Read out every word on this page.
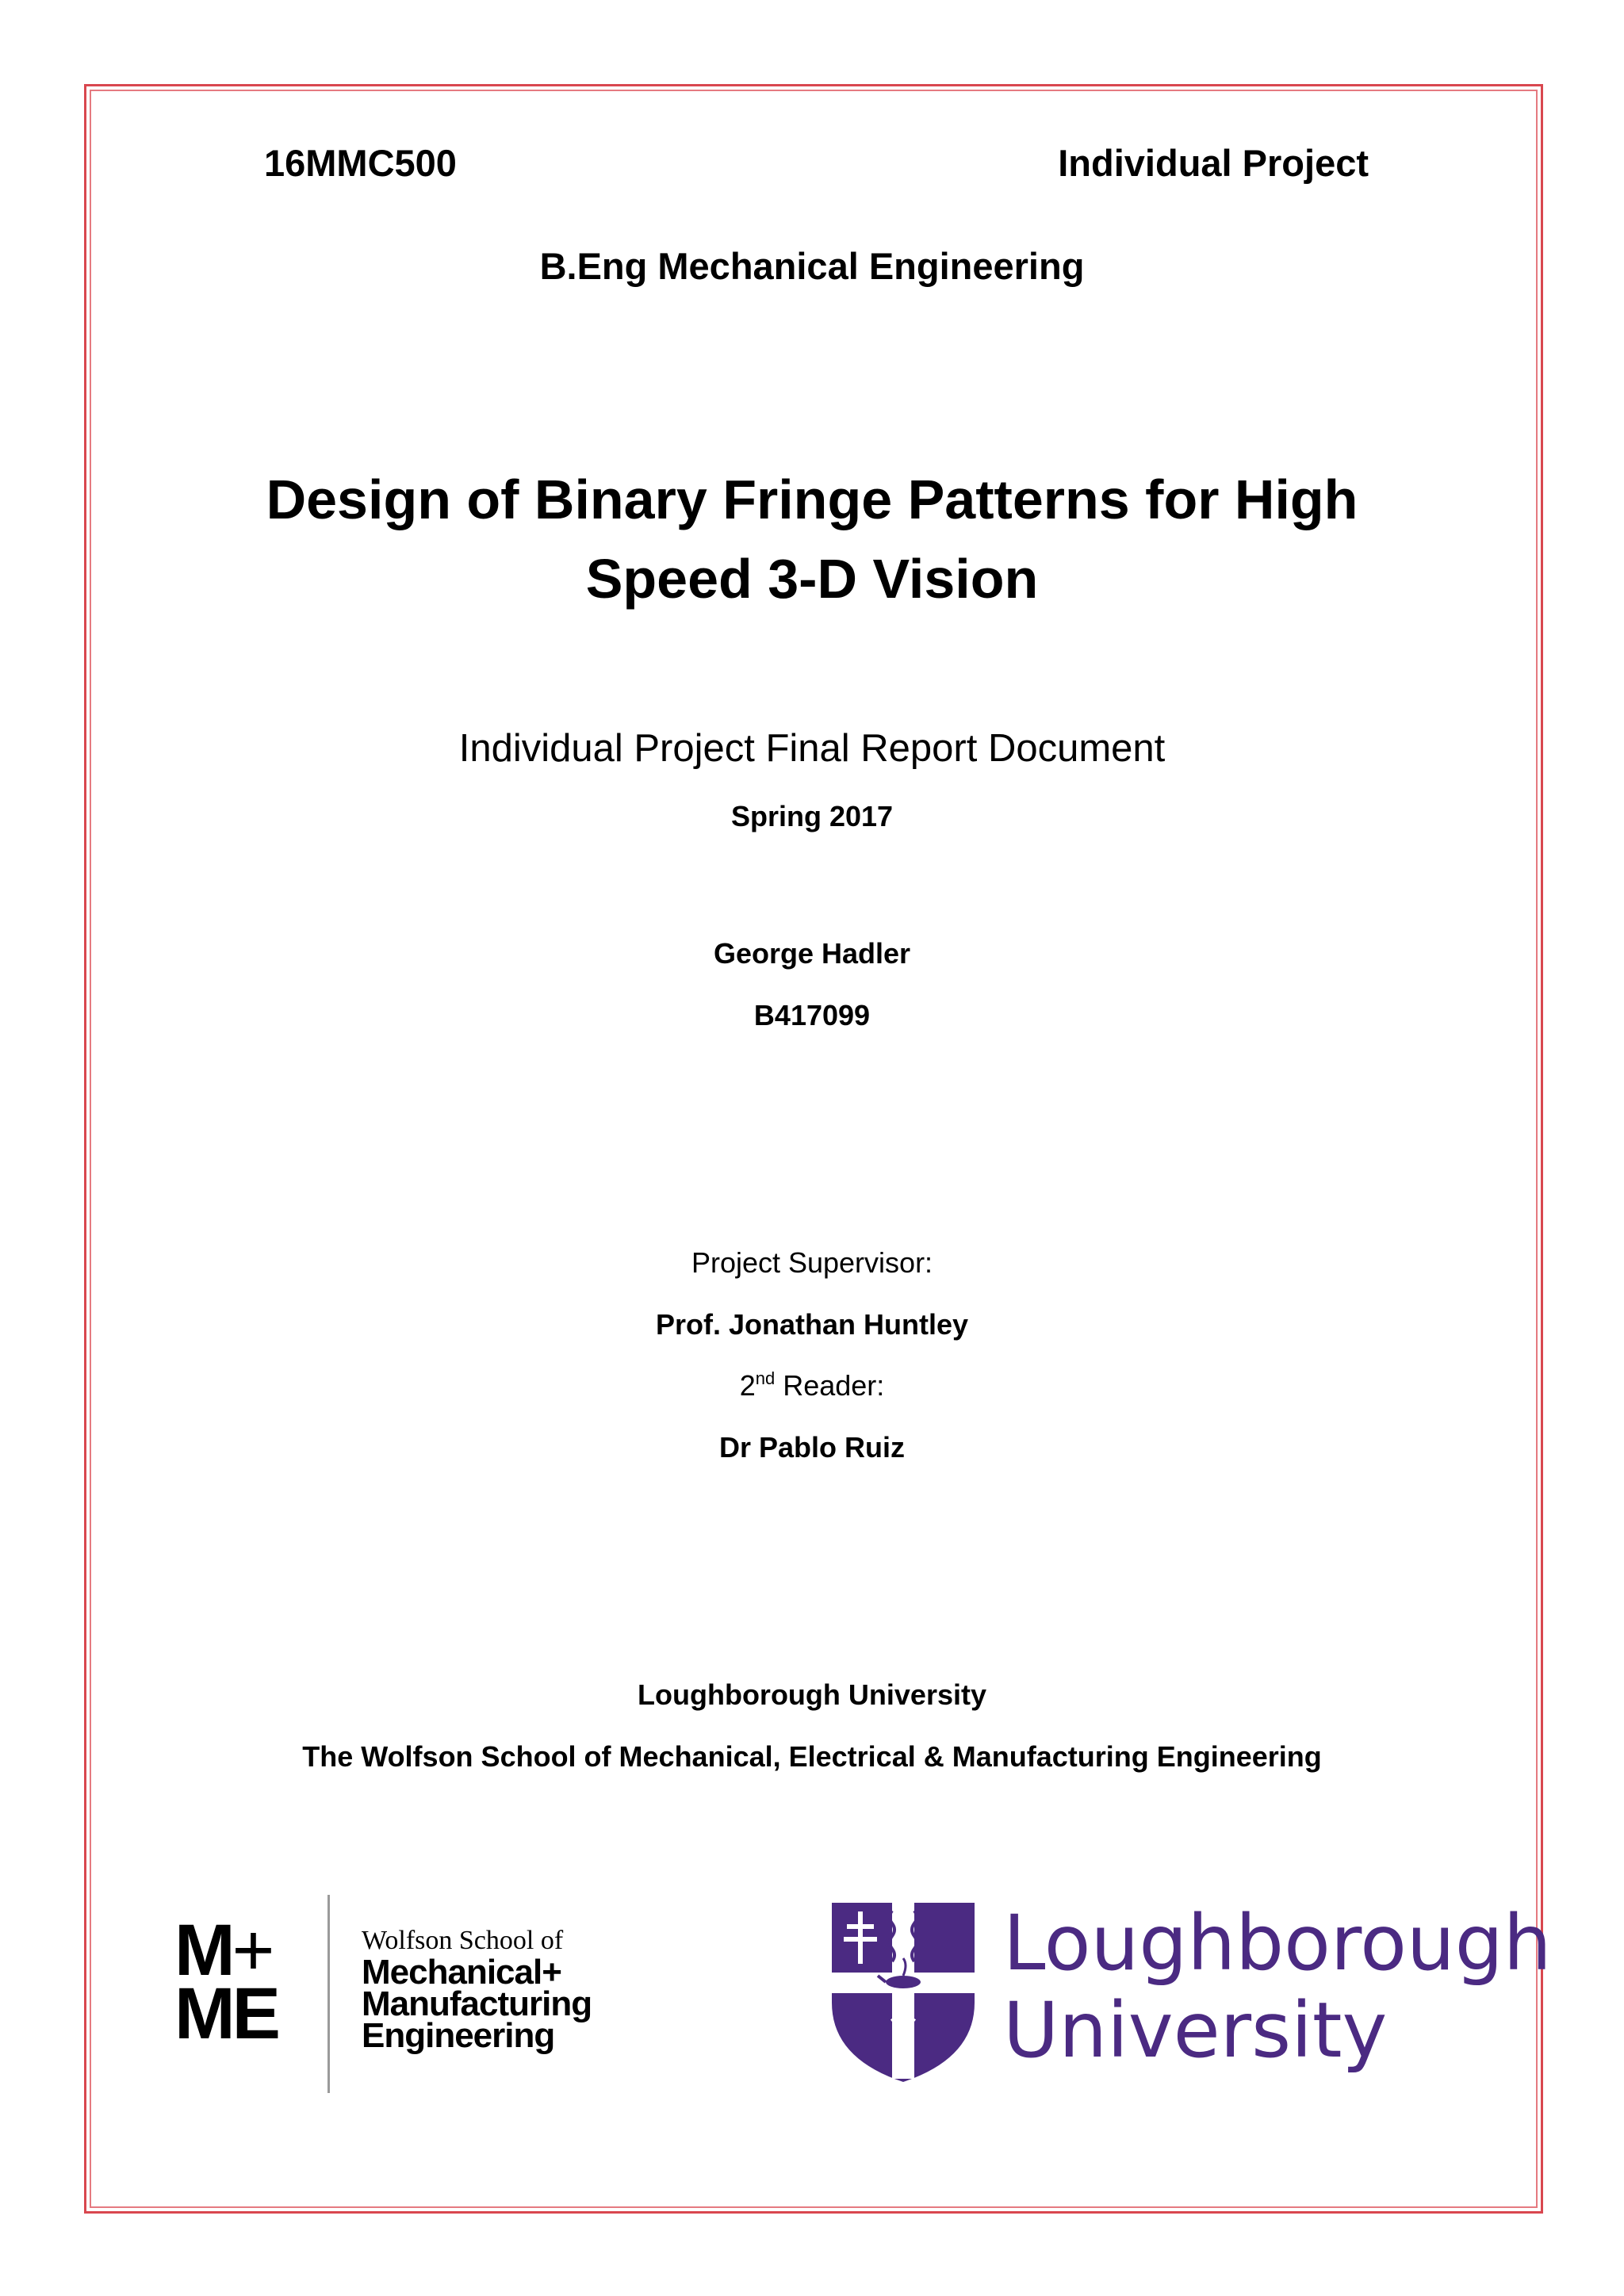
16MMC500	Individual Project

B.Eng Mechanical Engineering

Design of Binary Fringe Patterns for High Speed 3-D Vision

Individual Project Final Report Document

Spring 2017

George Hadler

B417099

Project Supervisor:

Prof. Jonathan Huntley

2nd Reader:

Dr Pablo Ruiz

Loughborough University

The Wolfson School of Mechanical, Electrical & Manufacturing Engineering

M+
ME
Wolfson School of
Mechanical+
Manufacturing
Engineering
Loughborough
University
